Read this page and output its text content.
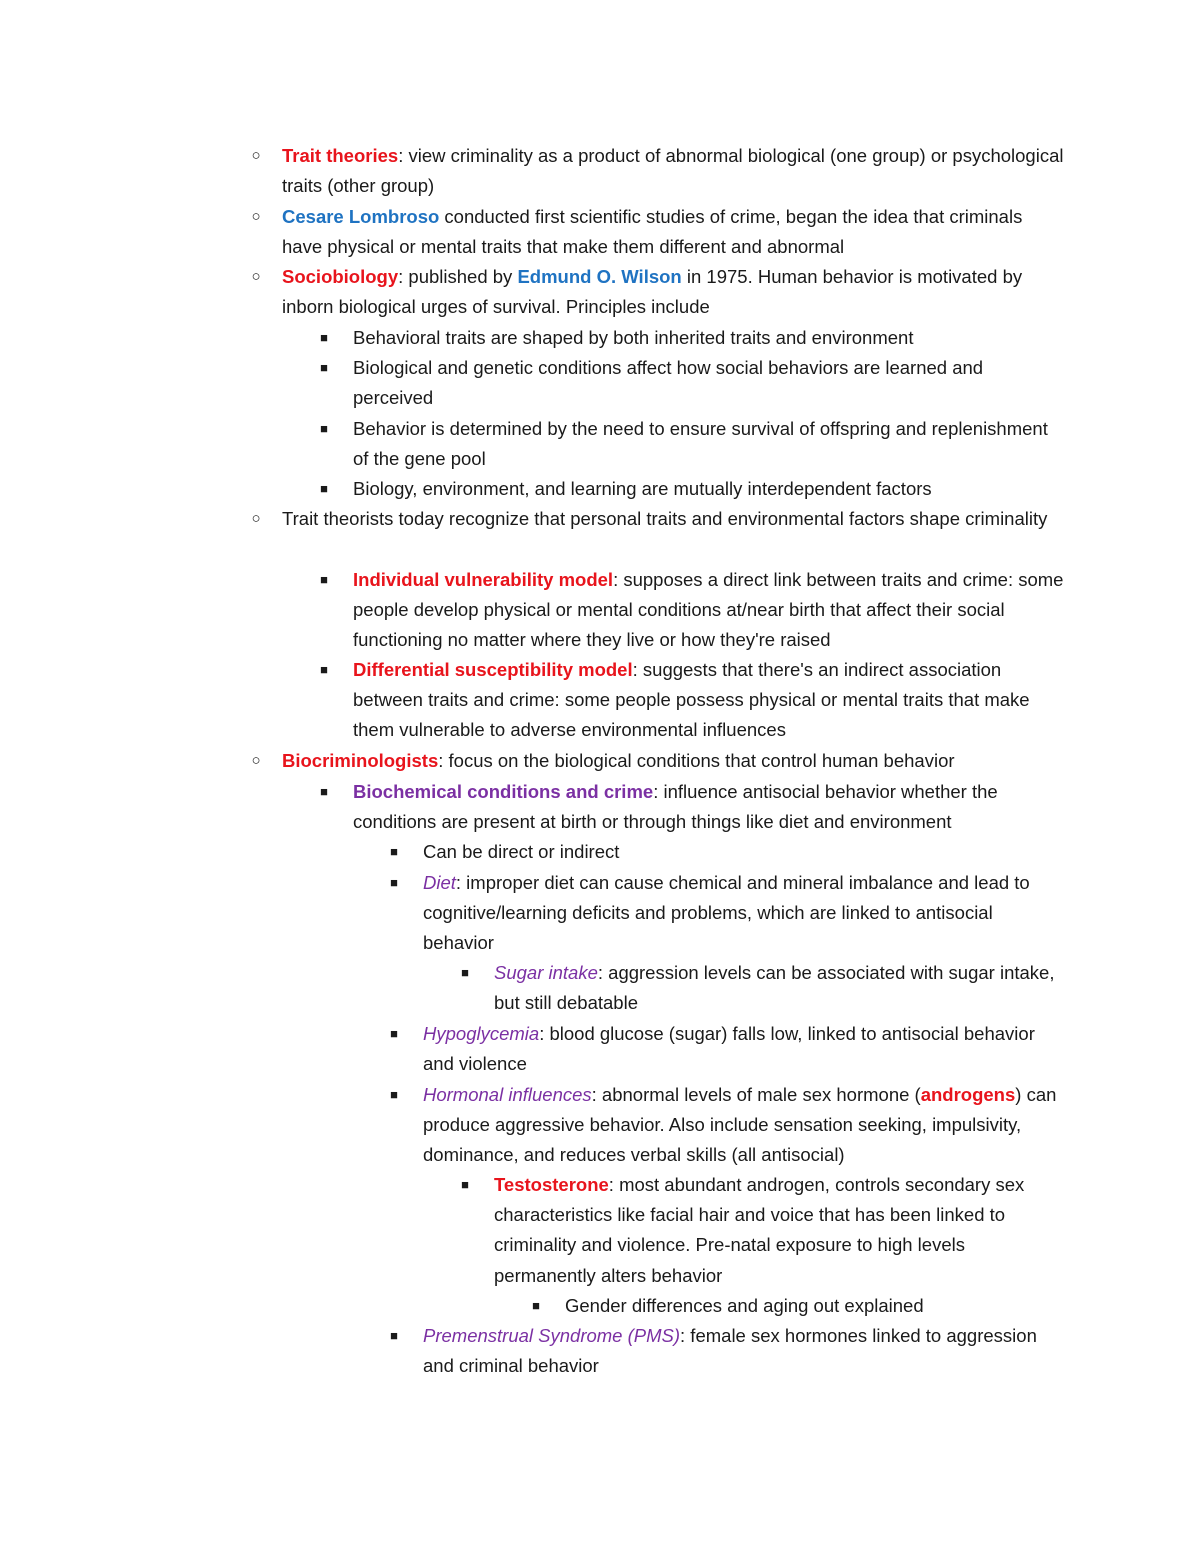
○ Trait theories: view criminality as a product of abnormal biological (one group) or psychological traits (other group)
○ Cesare Lombroso conducted first scientific studies of crime, began the idea that criminals have physical or mental traits that make them different and abnormal
○ Sociobiology: published by Edmund O. Wilson in 1975. Human behavior is motivated by inborn biological urges of survival. Principles include
■	Behavioral traits are shaped by both inherited traits and environment
■	Biological and genetic conditions affect how social behaviors are learned and perceived
■	Behavior is determined by the need to ensure survival of offspring and replenishment of the gene pool
■	Biology, environment, and learning are mutually interdependent factors
○ Trait theorists today recognize that personal traits and environmental factors shape criminality
■	Individual vulnerability model: supposes a direct link between traits and crime: some people develop physical or mental conditions at/near birth that affect their social functioning no matter where they live or how they're raised
■	Differential susceptibility model: suggests that there's an indirect association between traits and crime: some people possess physical or mental traits that make them vulnerable to adverse environmental influences
○ Biocriminologists: focus on the biological conditions that control human behavior
■	Biochemical conditions and crime: influence antisocial behavior whether the conditions are present at birth or through things like diet and environment
■	Can be direct or indirect
■	Diet: improper diet can cause chemical and mineral imbalance and lead to cognitive/learning deficits and problems, which are linked to antisocial behavior
■	Sugar intake: aggression levels can be associated with sugar intake, but still debatable
■	Hypoglycemia: blood glucose (sugar) falls low, linked to antisocial behavior and violence
■	Hormonal influences: abnormal levels of male sex hormone (androgens) can produce aggressive behavior. Also include sensation seeking, impulsivity, dominance, and reduces verbal skills (all antisocial)
■	Testosterone: most abundant androgen, controls secondary sex characteristics like facial hair and voice that has been linked to criminality and violence. Pre-natal exposure to high levels permanently alters behavior
■	Gender differences and aging out explained
■	Premenstrual Syndrome (PMS): female sex hormones linked to aggression and criminal behavior
